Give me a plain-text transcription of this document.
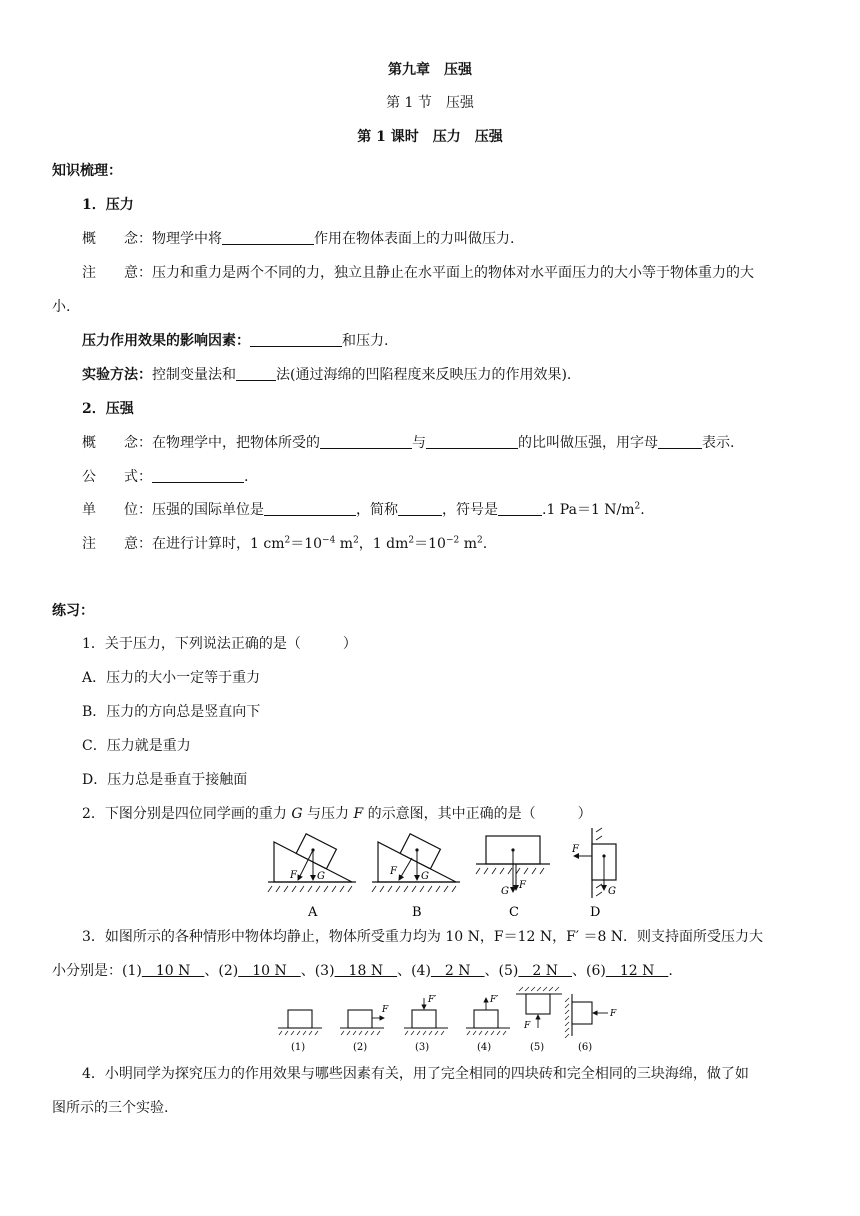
第九章　压强
第 1 节　压强
第 1 课时　压力　压强
知识梳理：
1．压力
概　　念：物理学中将	作用在物体表面上的力叫做压力.
注　　意：压力和重力是两个不同的力，独立且静止在水平面上的物体对水平面压力的大小等于物体重力的大
小.
压力作用效果的影响因素：	和压力.
实验方法：控制变量法和	法(通过海绵的凹陷程度来反映压力的作用效果).
2．压强
概　　念：在物理学中，把物体所受的	与	的比叫做压强，用字母	表示.
公　　式：	.
单　　位：压强的国际单位是	，简称	，符号是	.1 Pa＝1 $N/m^2$.
注　　意：在进行计算时，1 $cm^2=10^{-4}$ $m^2$，1 $dm^2=10^{-2}$ $m^2$.
练习：
1．关于压力，下列说法正确的是（　　　）
A．压力的大小一定等于重力
B．压力的方向总是竖直向下
C．压力就是重力
D．压力总是垂直于接触面
2．下图分别是四位同学画的重力 G 与压力 F 的示意图，其中正确的是（　　　）
F G
A
F G
B
G
F
C
F
G
D
3．如图所示的各种情形中物体均静止，物体所受重力均为 10 N，F＝12 N，F′ ＝8 N．则支持面所受压力大
小分别是：(1)　10 N　、(2)　10 N　、(3)　18 N　、(4)　2 N　、(5)　2 N　、(6)　12 N　.
(1)
F
(2)
F′
(3)
F′
(4)
F
(5)
F
(6)
4．小明同学为探究压力的作用效果与哪些因素有关，用了完全相同的四块砖和完全相同的三块海绵，做了如
图所示的三个实验.
